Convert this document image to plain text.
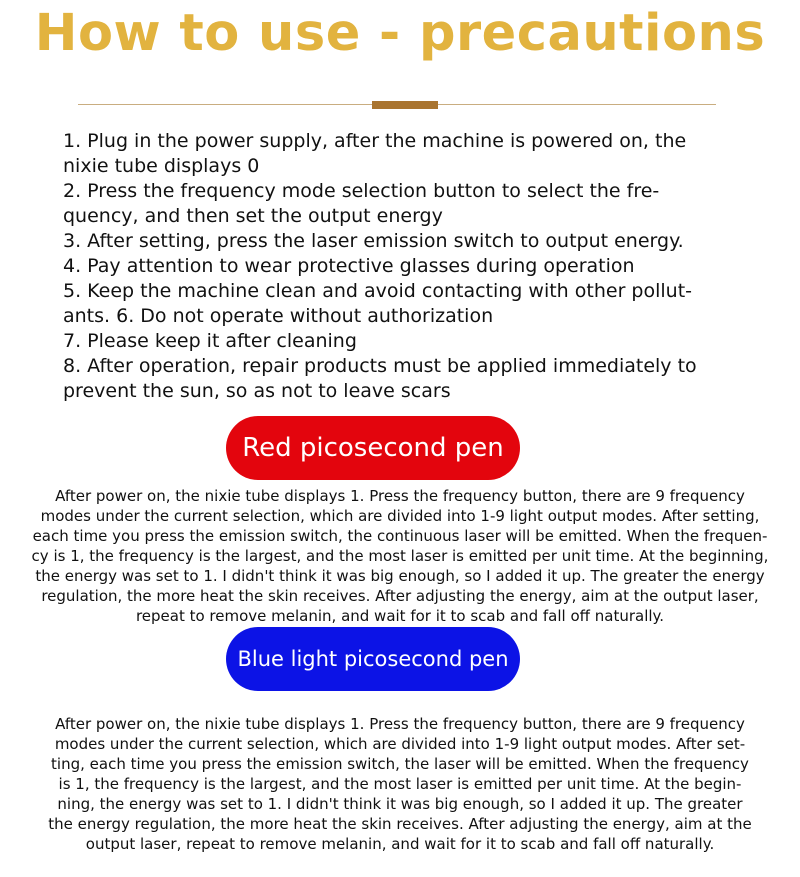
How to use - precautions
1. Plug in the power supply, after the machine is powered on, the
nixie tube displays 0
2. Press the frequency mode selection button to select the fre-
quency, and then set the output energy
3. After setting, press the laser emission switch to output energy.
4. Pay attention to wear protective glasses during operation
5. Keep the machine clean and avoid contacting with other pollut-
ants. 6. Do not operate without authorization
7. Please keep it after cleaning
8. After operation, repair products must be applied immediately to
prevent the sun, so as not to leave scars
Red picosecond pen
After power on, the nixie tube displays 1. Press the frequency button, there are 9 frequency
modes under the current selection, which are divided into 1-9 light output modes. After setting,
each time you press the emission switch, the continuous laser will be emitted. When the frequen-
cy is 1, the frequency is the largest, and the most laser is emitted per unit time. At the beginning,
the energy was set to 1. I didn't think it was big enough, so I added it up. The greater the energy
regulation, the more heat the skin receives. After adjusting the energy, aim at the output laser,
repeat to remove melanin, and wait for it to scab and fall off naturally.
Blue light picosecond pen
After power on, the nixie tube displays 1. Press the frequency button, there are 9 frequency
modes under the current selection, which are divided into 1-9 light output modes. After set-
ting, each time you press the emission switch, the laser will be emitted. When the frequency
is 1, the frequency is the largest, and the most laser is emitted per unit time. At the begin-
ning, the energy was set to 1. I didn't think it was big enough, so I added it up. The greater
the energy regulation, the more heat the skin receives. After adjusting the energy, aim at the
output laser, repeat to remove melanin, and wait for it to scab and fall off naturally.
